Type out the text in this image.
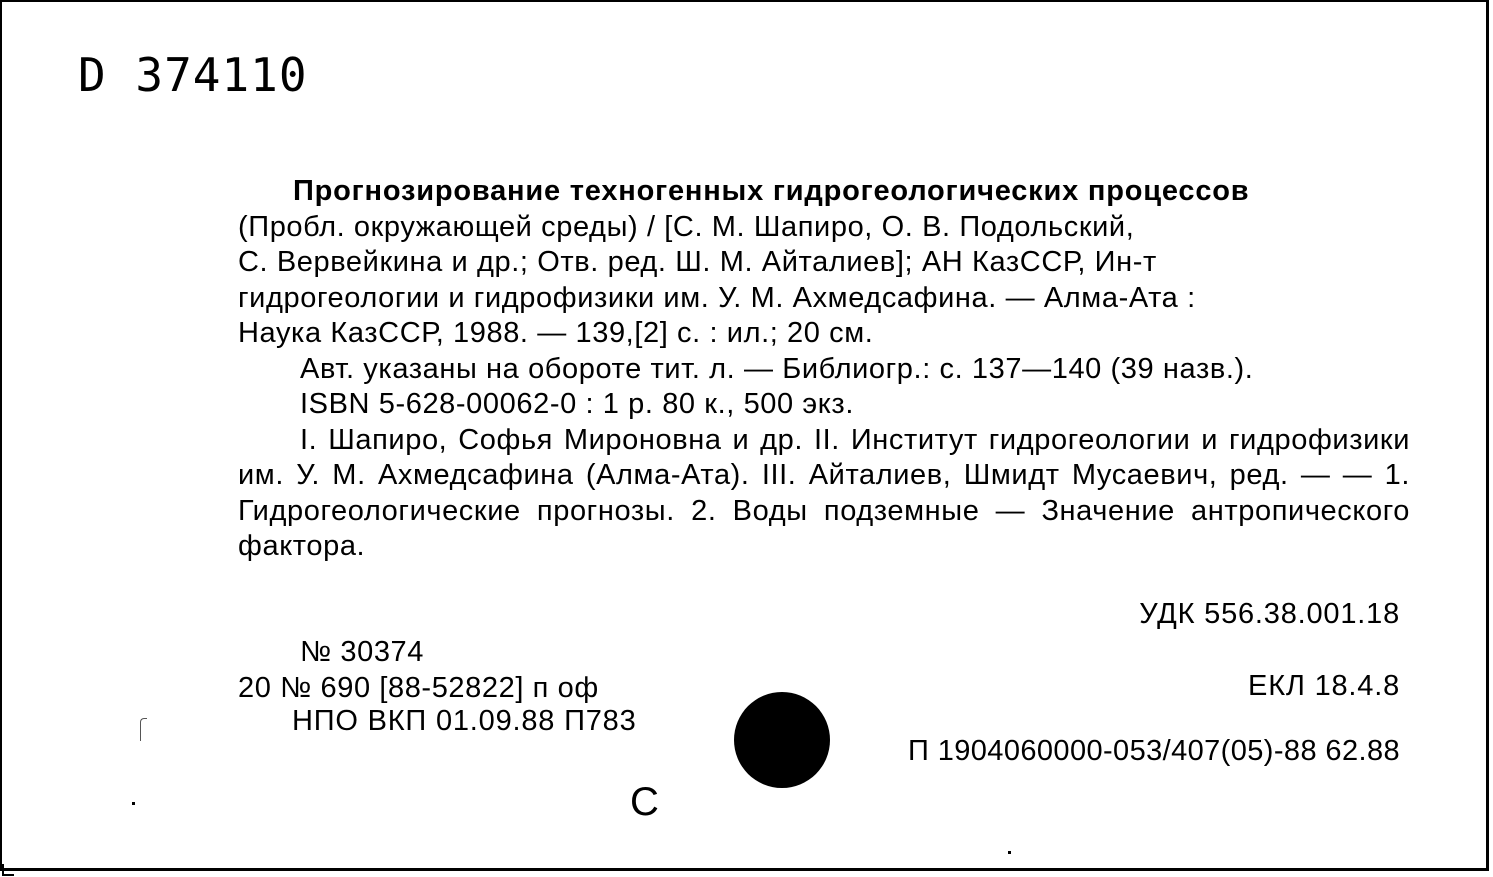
D 374110

Прогнозирование техногенных гидрогеологических процессов

(Пробл. окружающей среды) / [С. М. Шапиро, О. В. Подольский,

С. Вервейкина и др.; Отв. ред. Ш. М. Айталиев]; АН КазССР, Ин-т

гидрогеологии и гидрофизики им. У. М. Ахмедсафина. — Алма-Ата :

Наука КазССР, 1988. — 139,[2] с. : ил.; 20 см.

Авт. указаны на обороте тит. л. — Библиогр.: с. 137—140 (39 назв.).

ISBN 5-628-00062-0 : 1 р. 80 к., 500 экз.

I. Шапиро, Софья Мироновна и др. II. Институт гидрогеологии и гидрофизики им. У. М. Ахмедсафина (Алма-Ата). III. Айталиев, Шмидт Мусаевич, ред. — — 1. Гидрогеологические прогнозы. 2. Воды подземные — Значение антропического фактора.

УДК 556.38.001.18
№ 30374
20 № 690 [88-52822] п оф
НПО ВКП 01.09.88 П783
ЕКЛ 18.4.8
П 1904060000-053/407(05)-88 62.88
С
